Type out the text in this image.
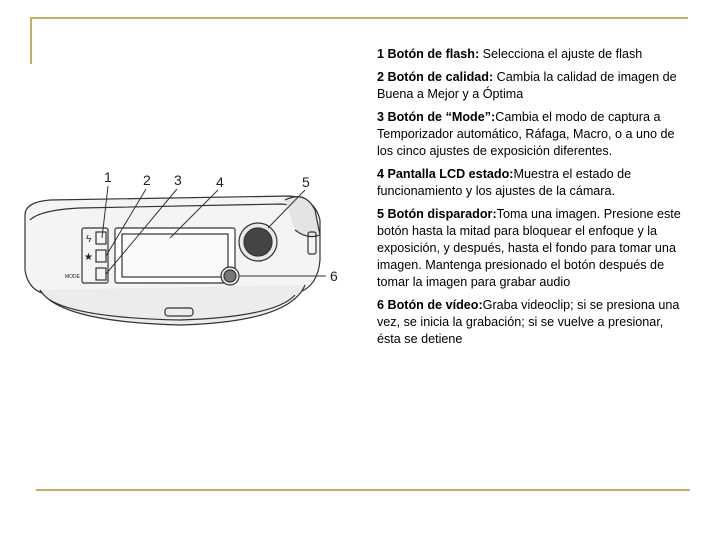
ϟ
★
MODE
1 2 3 4	5
6

1 Botón de flash: Selecciona el ajuste de flash

2 Botón de calidad: Cambia la calidad de imagen de Buena a Mejor y a Óptima

3 Botón de “Mode”:Cambia el modo de captura a Temporizador automático, Ráfaga, Macro, o a uno de los cinco ajustes de exposición diferentes.

4 Pantalla LCD estado:Muestra el estado de funcionamiento y los ajustes de la cámara.

5 Botón disparador:Toma una imagen. Presione este botón hasta la mitad para bloquear el enfoque y la exposición, y después, hasta el fondo para tomar una imagen. Mantenga presionado el botón después de tomar la imagen para grabar audio

6 Botón de vídeo:Graba videoclip; si se presiona una vez, se inicia la grabación; si se vuelve a presionar, ésta se detiene
